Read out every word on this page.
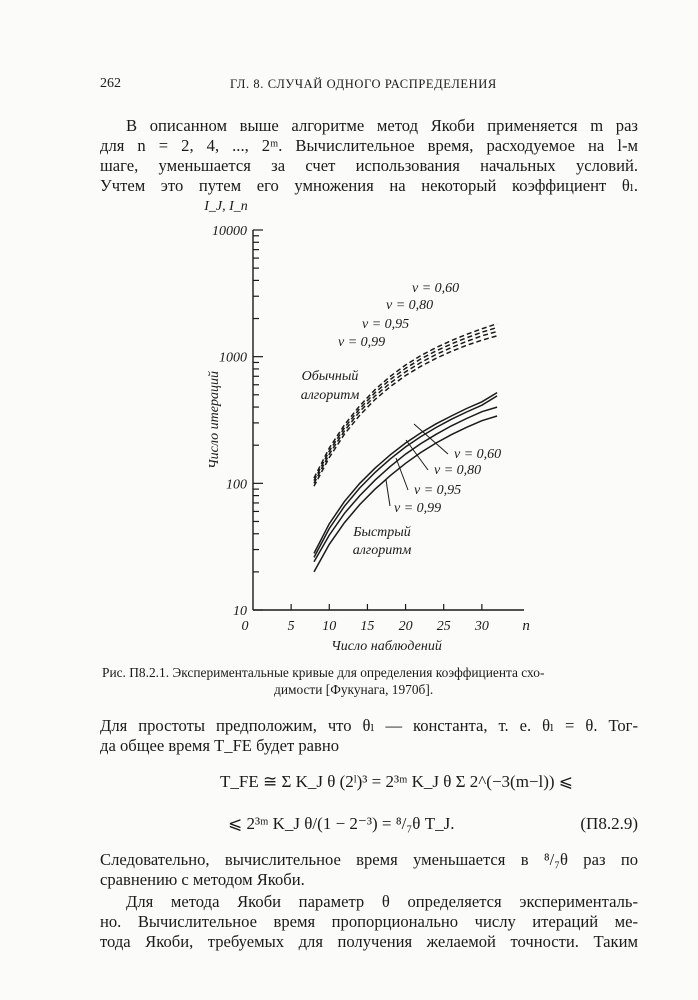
262	ГЛ. 8. СЛУЧАЙ ОДНОГО РАСПРЕДЕЛЕНИЯ
В описанном выше алгоритме метод Якоби применяется m раз
для n = 2, 4, ..., 2ᵐ. Вычислительное время, расходуемое на l-м
шаге, уменьшается за счет использования начальных условий.
Учтем это путем его умножения на некоторый коэффициент θₗ.
10
100
1000
10000
0	5 10 15 20 25 30 n
Число наблюдений
I_J, I_n
Число итераций
ν = 0,60
ν = 0,80
ν = 0,95
ν = 0,99
ν = 0,60
ν = 0,80
ν = 0,95
ν = 0,99
Обычный
алгоритм
Быстрый
алгоритм
Рис. П8.2.1. Экспериментальные кривые для определения коэффициента схо-
димости [Фукунага, 1970б].
Для простоты предположим, что θₗ — константа, т. е. θₗ = θ. Тог-
да общее время T_FE будет равно
T_FE ≅ Σ K_J θ (2ˡ)³ = 2³ᵐ K_J θ Σ 2^(−3(m−l)) ⩽
⩽ 2³ᵐ K_J θ/(1 − 2⁻³) = ⁸/₇θ T_J.	(П8.2.9)
Следовательно, вычислительное время уменьшается в ⁸/₇θ раз по
сравнению с методом Якоби.
Для метода Якоби параметр θ определяется эксперименталь-
но. Вычислительное время пропорционально числу итераций ме-
тода Якоби, требуемых для получения желаемой точности. Таким
